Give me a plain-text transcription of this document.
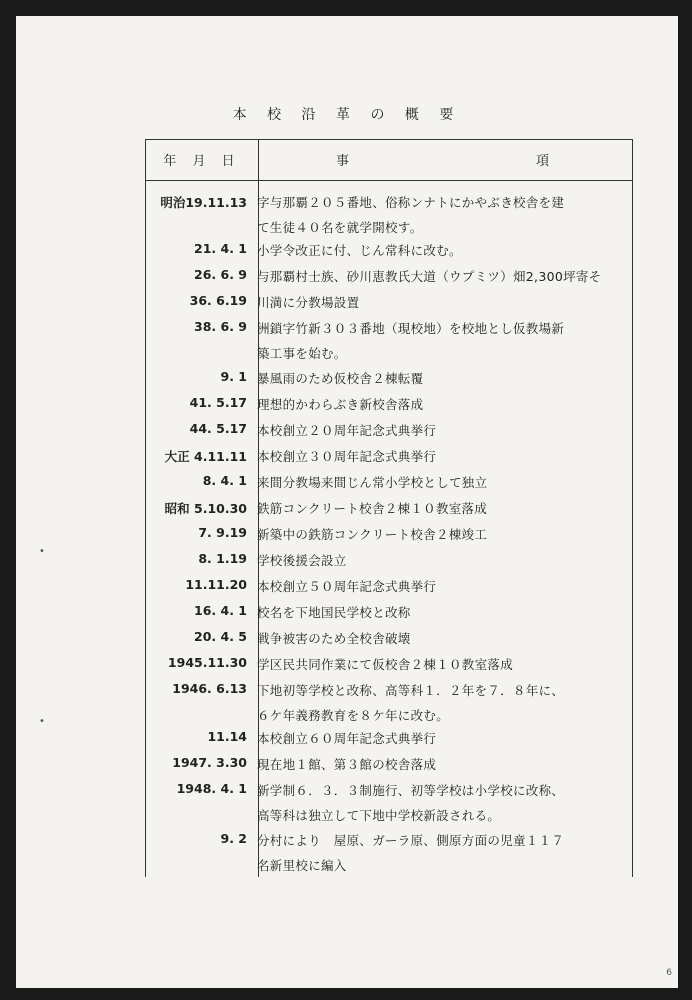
本 校 沿 革 の 概 要
年 月 日	事	項
明治19.11.13 字与那覇２０５番地、俗称ンナトにかやぶき校舎を建
て生徒４０名を就学開校す。
21. 4. 1 小学令改正に付、じん常科に改む。
26. 6. 9 与那覇村士族、砂川恵教氏大道（ウプミツ）畑2,300坪寄そ
36. 6.19 川満に分教場設置
38. 6. 9 洲鎖字竹新３０３番地（現校地）を校地とし仮教場新
築工事を始む。
9. 1 暴風雨のため仮校舎２棟転覆
41. 5.17 理想的かわらぶき新校舎落成
44. 5.17 本校創立２０周年記念式典挙行
大正 4.11.11 本校創立３０周年記念式典挙行
8. 4. 1 来間分教場来間じん常小学校として独立
昭和 5.10.30 鉄筋コンクリート校舎２棟１０教室落成
7. 9.19 新築中の鉄筋コンクリート校舎２棟竣工
8. 1.19 学校後援会設立
11.11.20 本校創立５０周年記念式典挙行
16. 4. 1 校名を下地国民学校と改称
20. 4. 5 戦争被害のため全校舎破壊
1945.11.30 学区民共同作業にて仮校舎２棟１０教室落成
1946. 6.13 下地初等学校と改称、高等科１．２年を７．８年に、
６ケ年義務教育を８ケ年に改む。
11.14 本校創立６０周年記念式典挙行
1947. 3.30 現在地１館、第３館の校舎落成
1948. 4. 1 新学制６．３．３制施行、初等学校は小学校に改称、
高等科は独立して下地中学校新設される。
9. 2 分村により　屋原、ガーラ原、側原方面の児童１１７
名新里校に編入
•
•
6
